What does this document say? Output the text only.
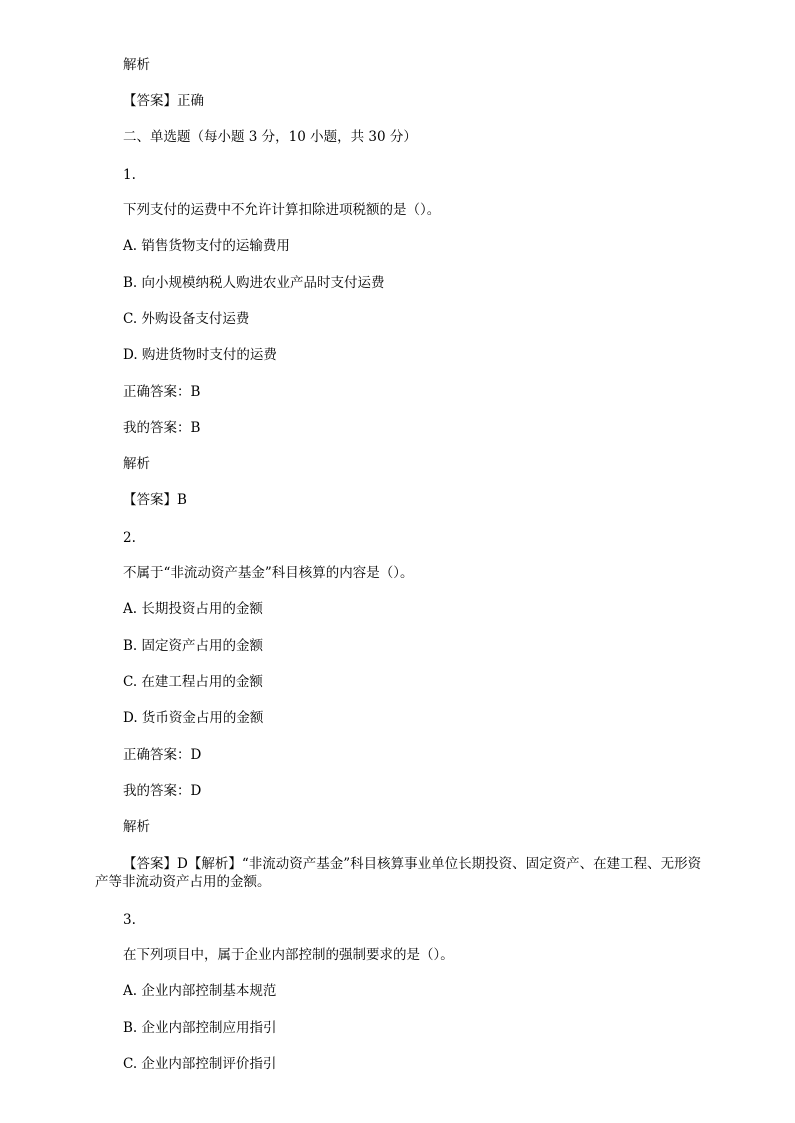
解析
【答案】正确
二、单选题（每小题 3 分，10 小题，共 30 分）
1.
下列支付的运费中不允许计算扣除进项税额的是（）。
A. 销售货物支付的运输费用
B. 向小规模纳税人购进农业产品时支付运费
C. 外购设备支付运费
D. 购进货物时支付的运费
正确答案：B
我的答案：B
解析
【答案】B
2.
不属于“非流动资产基金”科目核算的内容是（）。
A. 长期投资占用的金额
B. 固定资产占用的金额
C. 在建工程占用的金额
D. 货币资金占用的金额
正确答案：D
我的答案：D
解析
【答案】D【解析】“非流动资产基金”科目核算事业单位长期投资、固定资产、在建工程、无形资产等非流动资产占用的金额。
3.
在下列项目中，属于企业内部控制的强制要求的是（）。
A. 企业内部控制基本规范
B. 企业内部控制应用指引
C. 企业内部控制评价指引
